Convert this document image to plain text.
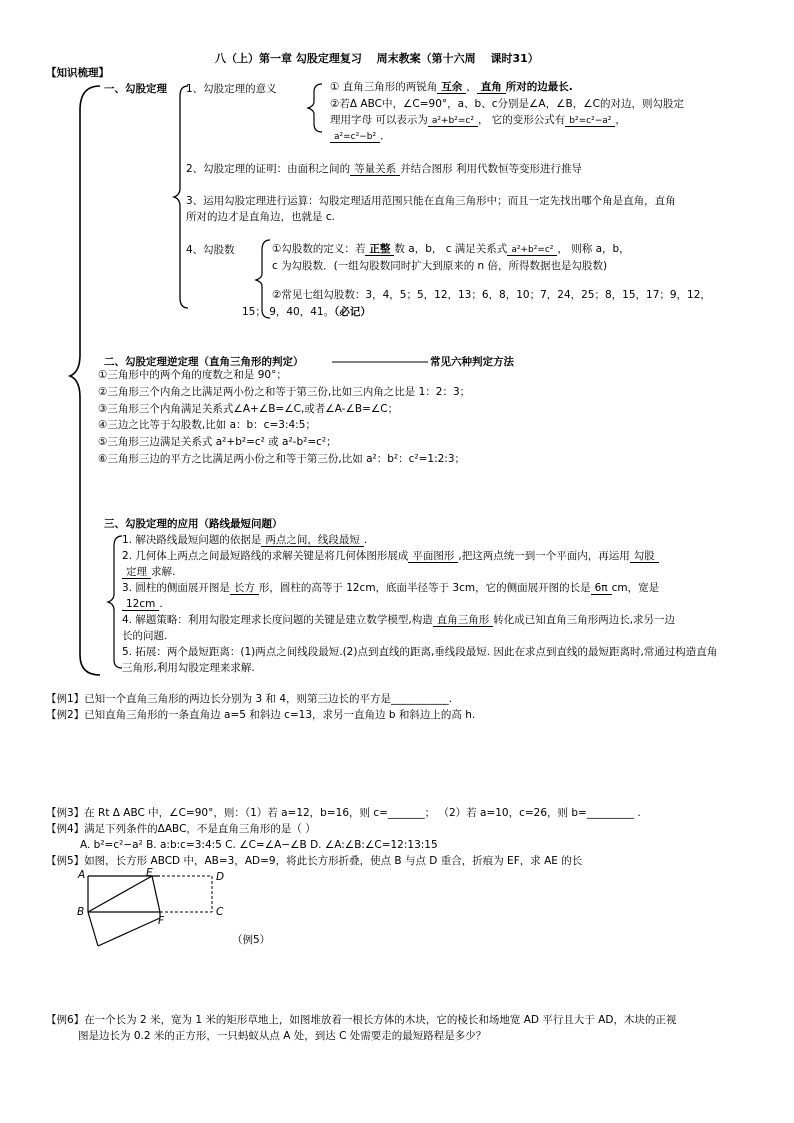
八（上）第一章 勾股定理复习　 周末教案（第十六周　 课时31）
【知识梳理】
一、勾股定理 1、勾股定理的意义	① 直角三角形的两锐角 互余 ， 直角 所对的边最长.
②若Δ ABC中，∠C=90°，a、b、c分别是∠A，∠B，∠C的对边，则勾股定
理用字母 可以表示为 a²+b²=c² ， 它的变形公式有 b²=c²−a² ，
a²=c²−b² ．
2、勾股定理的证明：由面积之间的 等量关系 并结合图形 利用代数恒等变形进行推导
3、运用勾股定理进行运算：勾股定理适用范围只能在直角三角形中；而且一定先找出哪个角是直角，直角
所对的边才是直角边，也就是 c.
4、勾股数	①勾股数的定义：若 正整 数 a，b， c 满足关系式 a²+b²=c² ， 则称 a，b，
c 为勾股数．(一组勾股数同时扩大到原来的 n 倍，所得数据也是勾股数)
②常见七组勾股数：3，4，5；5，12，13；6，8，10；7，24，25；8，15，17；9，12，
15； 9，40，41。（必记）
二、勾股定理逆定理（直角三角形的判定）	常见六种判定方法
①三角形中的两个角的度数之和是 90°；
②三角形三个内角之比满足两小份之和等于第三份,比如三内角之比是 1：2：3；
③三角形三个内角满足关系式∠A+∠B=∠C,或者∠A-∠B=∠C；
④三边之比等于勾股数,比如 a：b：c=3:4:5；
⑤三角形三边满足关系式 a²+b²=c² 或 a²-b²=c²；
⑥三角形三边的平方之比满足两小份之和等于第三份,比如 a²：b²：c²=1:2:3；
三、勾股定理的应用（路线最短问题）
1. 解决路线最短问题的依据是 两点之间，线段最短 .
2. 几何体上两点之间最短路线的求解关键是将几何体图形展成 平面图形 ,把这两点统一到一个平面内，再运用 勾股
定理 求解.
3. 圆柱的侧面展开图是 长方 形，圆柱的高等于 12cm，底面半径等于 3cm，它的侧面展开图的长是 6π cm，宽是
12cm .
4. 解题策略：利用勾股定理求长度问题的关键是建立数学模型,构造 直角三角形 转化成已知直角三角形两边长,求另一边
长的问题.
5. 拓展：两个最短距离：(1)两点之间线段最短.(2)点到直线的距离,垂线段最短. 因此在求点到直线的最短距离时,常通过构造直角
三角形,利用勾股定理来求解.
【例1】已知一个直角三角形的两边长分别为 3 和 4，则第三边长的平方是___________.
【例2】已知直角三角形的一条直角边 a=5 和斜边 c=13，求另一直角边 b 和斜边上的高 h.
【例3】在 Rt Δ ABC 中，∠C=90°，则：（1）若 a=12，b=16，则 c=_______； （2）若 a=10，c=26，则 b=_________ .
【例4】满足下列条件的ΔABC，不是直角三角形的是（ ）
A. b²=c²−a² B. a:b:c=3:4:5 C. ∠C=∠A−∠B D. ∠A:∠B:∠C=12:13:15
【例5】如图，长方形 ABCD 中，AB=3，AD=9，将此长方形折叠，使点 B 与点 D 重合，折痕为 EF，求 AE 的长
A	E	D
B	C
F
（例5）
【例6】在一个长为 2 米，宽为 1 米的矩形草地上，如图堆放着一根长方体的木块，它的棱长和场地宽 AD 平行且大于 AD，木块的正视
图是边长为 0.2 米的正方形，一只蚂蚁从点 A 处，到达 C 处需要走的最短路程是多少？
